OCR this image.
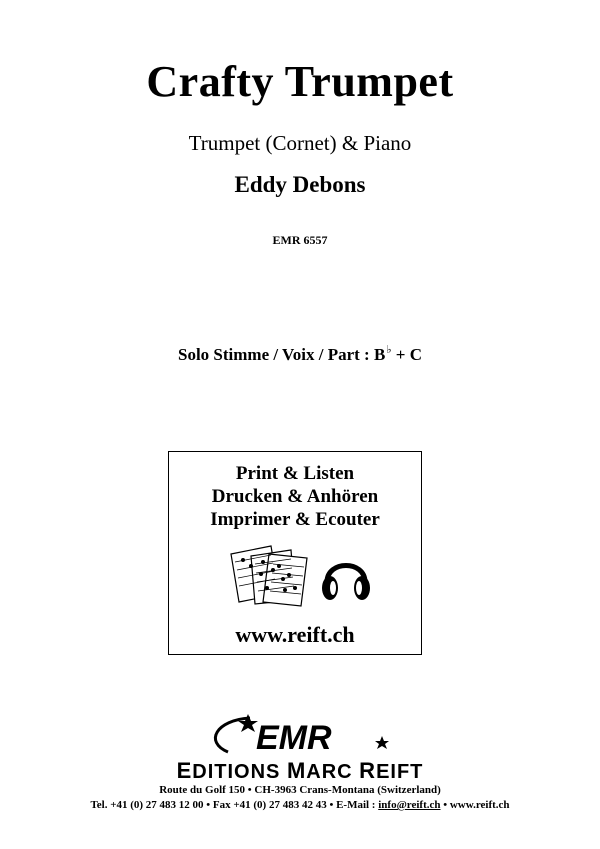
Crafty Trumpet
Trumpet (Cornet) & Piano
Eddy Debons
EMR 6557
Solo Stimme / Voix / Part : B♭ + C
Print & Listen
Drucken & Anhören
Imprimer & Ecouter
www.reift.ch
EMR
EDITIONS MARC REIFT
Route du Golf 150 • CH-3963 Crans-Montana (Switzerland)
Tel. +41 (0) 27 483 12 00 • Fax +41 (0) 27 483 42 43 • E-Mail : info@reift.ch • www.reift.ch
